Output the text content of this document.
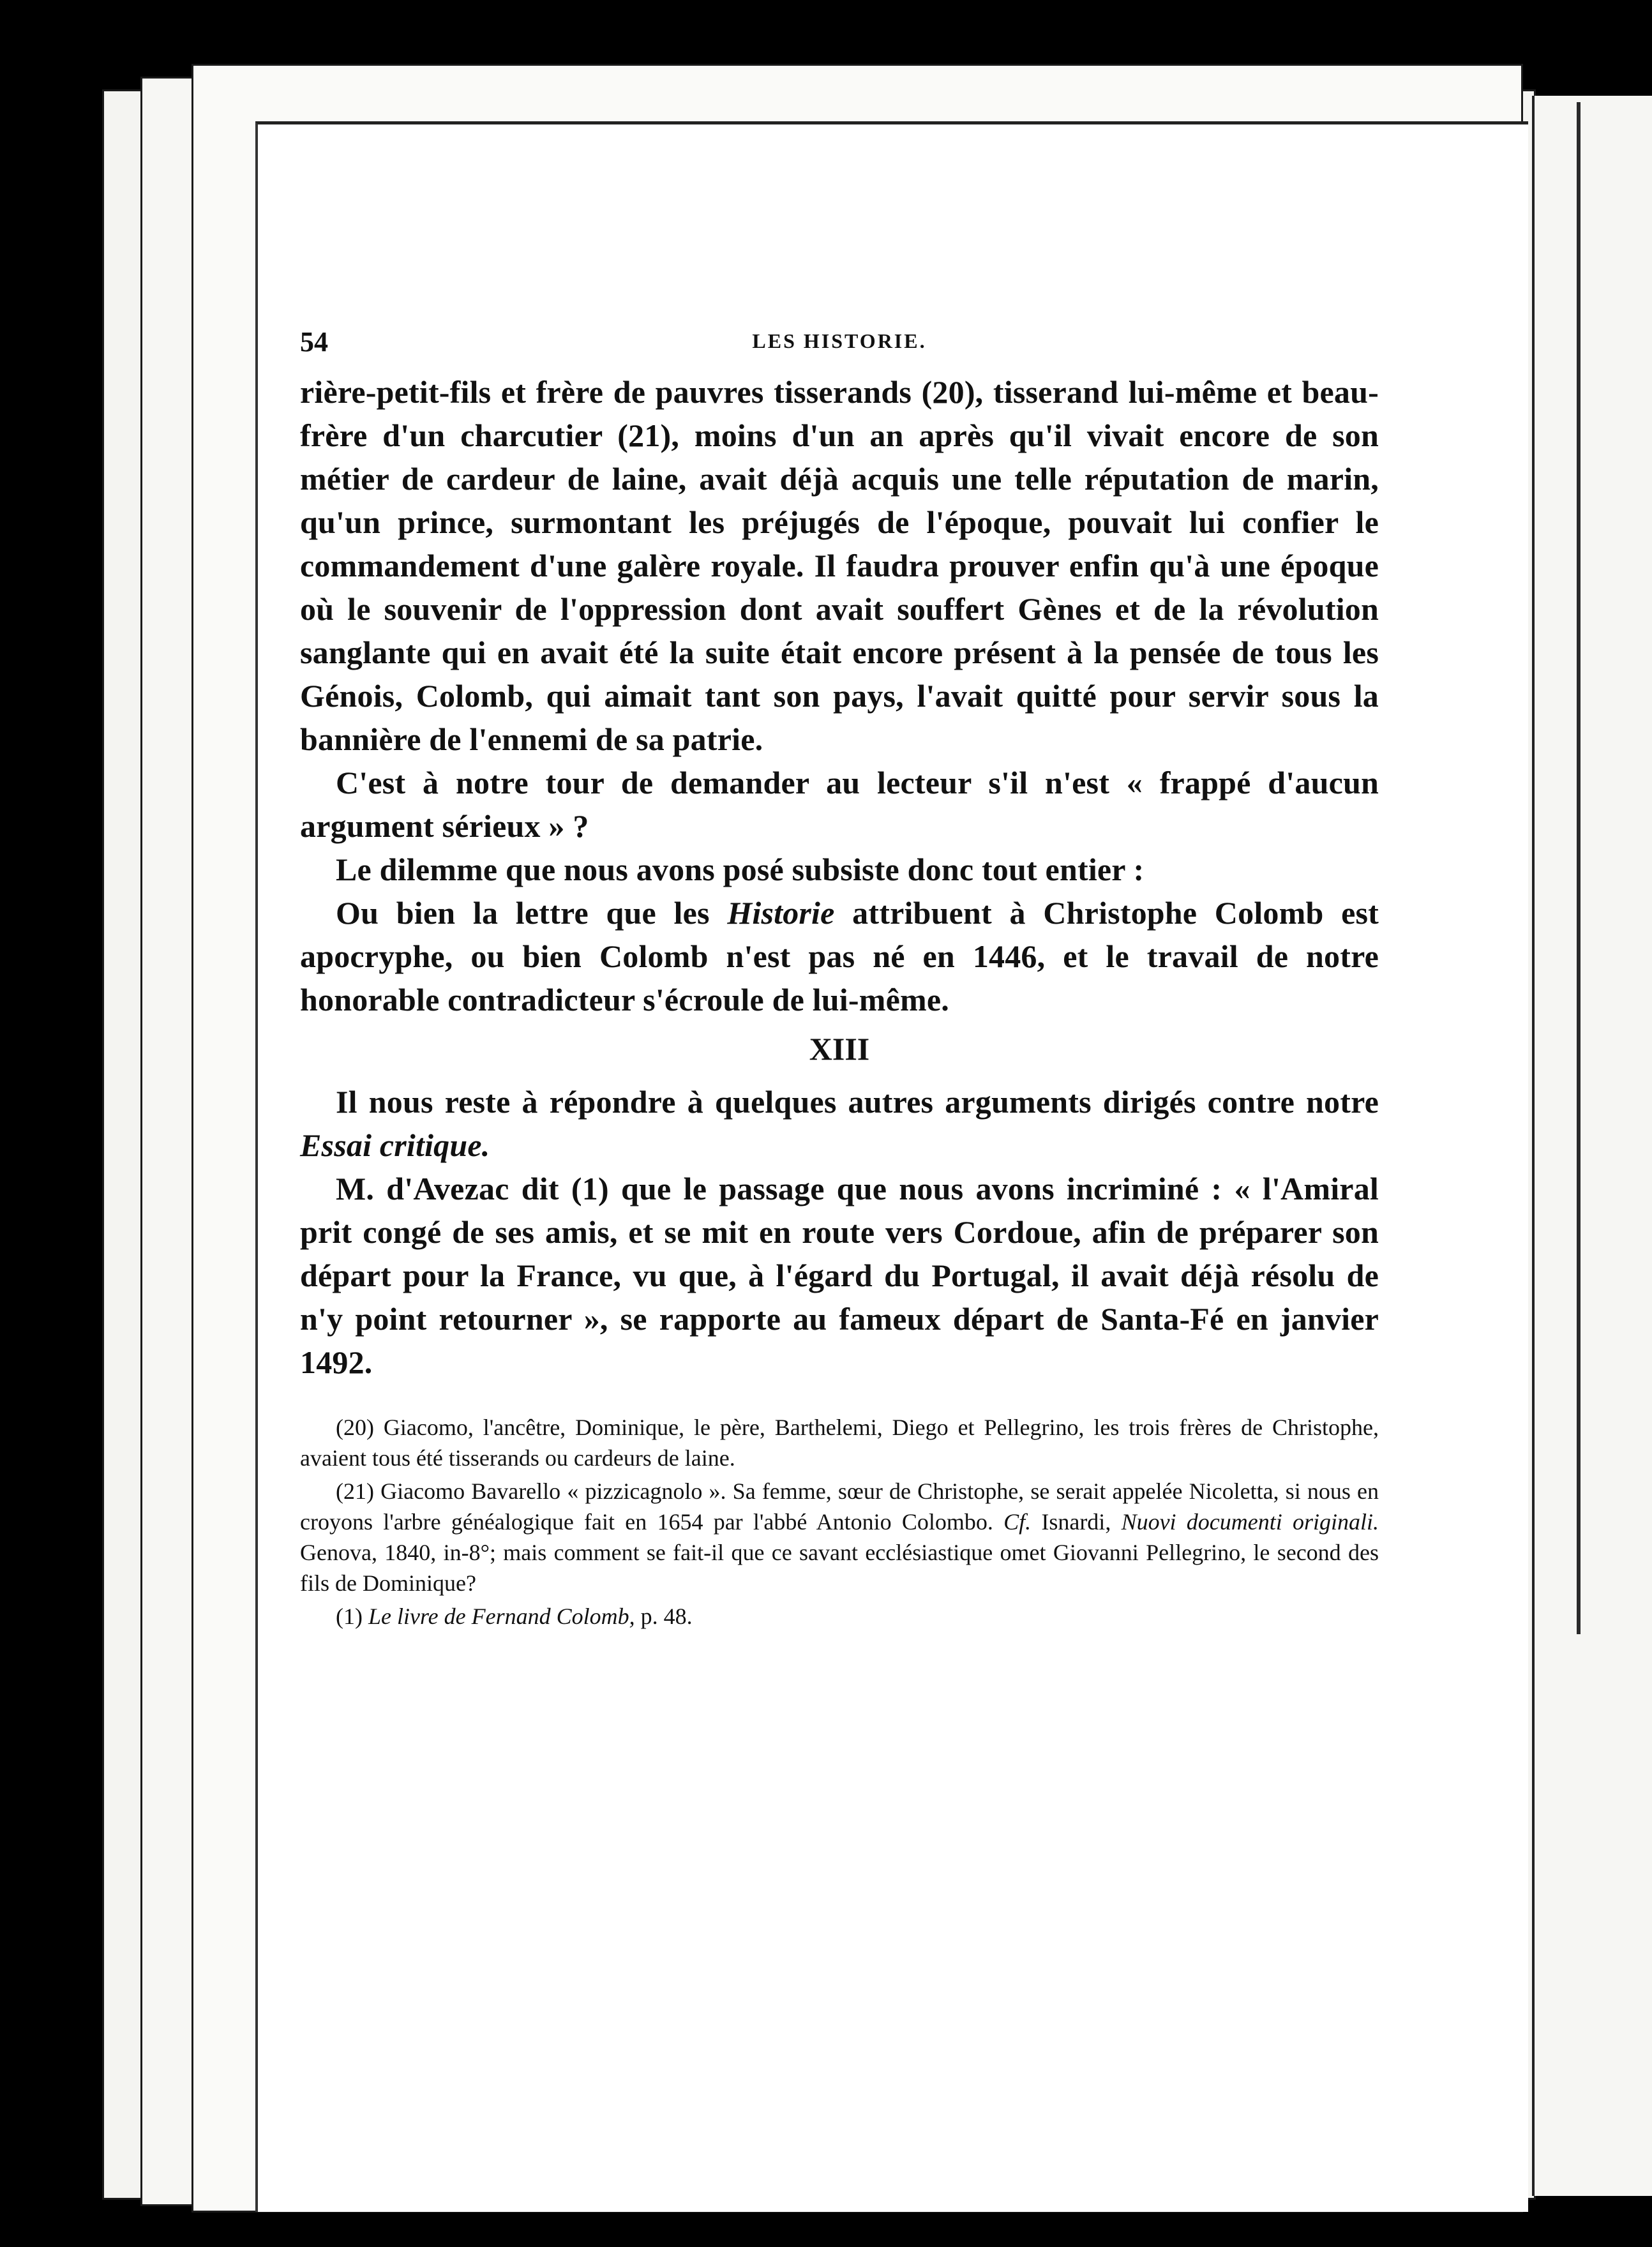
54	LES HISTORIE.

rière-petit-fils et frère de pauvres tisserands (20), tisserand lui-même et beau-frère d'un charcutier (21), moins d'un an après qu'il vivait encore de son métier de cardeur de laine, avait déjà acquis une telle réputation de marin, qu'un prince, surmontant les préjugés de l'époque, pouvait lui confier le commandement d'une galère royale. Il faudra prouver enfin qu'à une époque où le souvenir de l'oppression dont avait souffert Gènes et de la révolution sanglante qui en avait été la suite était encore présent à la pensée de tous les Génois, Colomb, qui aimait tant son pays, l'avait quitté pour servir sous la bannière de l'ennemi de sa patrie.

C'est à notre tour de demander au lecteur s'il n'est « frappé d'aucun argument sérieux » ?

Le dilemme que nous avons posé subsiste donc tout entier :

Ou bien la lettre que les Historie attribuent à Christophe Colomb est apocryphe, ou bien Colomb n'est pas né en 1446, et le travail de notre honorable contradicteur s'écroule de lui-même.

XIII

Il nous reste à répondre à quelques autres arguments dirigés contre notre Essai critique.

M. d'Avezac dit (1) que le passage que nous avons incriminé : « l'Amiral prit congé de ses amis, et se mit en route vers Cordoue, afin de préparer son départ pour la France, vu que, à l'égard du Portugal, il avait déjà résolu de n'y point retourner », se rapporte au fameux départ de Santa-Fé en janvier 1492.

(20) Giacomo, l'ancêtre, Dominique, le père, Barthelemi, Diego et Pellegrino, les trois frères de Christophe, avaient tous été tisserands ou cardeurs de laine.

(21) Giacomo Bavarello « pizzicagnolo ». Sa femme, sœur de Christophe, se serait appelée Nicoletta, si nous en croyons l'arbre généalogique fait en 1654 par l'abbé Antonio Colombo. Cf. Isnardi, Nuovi documenti originali. Genova, 1840, in-8°; mais comment se fait-il que ce savant ecclésiastique omet Giovanni Pellegrino, le second des fils de Dominique?

(1) Le livre de Fernand Colomb, p. 48.
